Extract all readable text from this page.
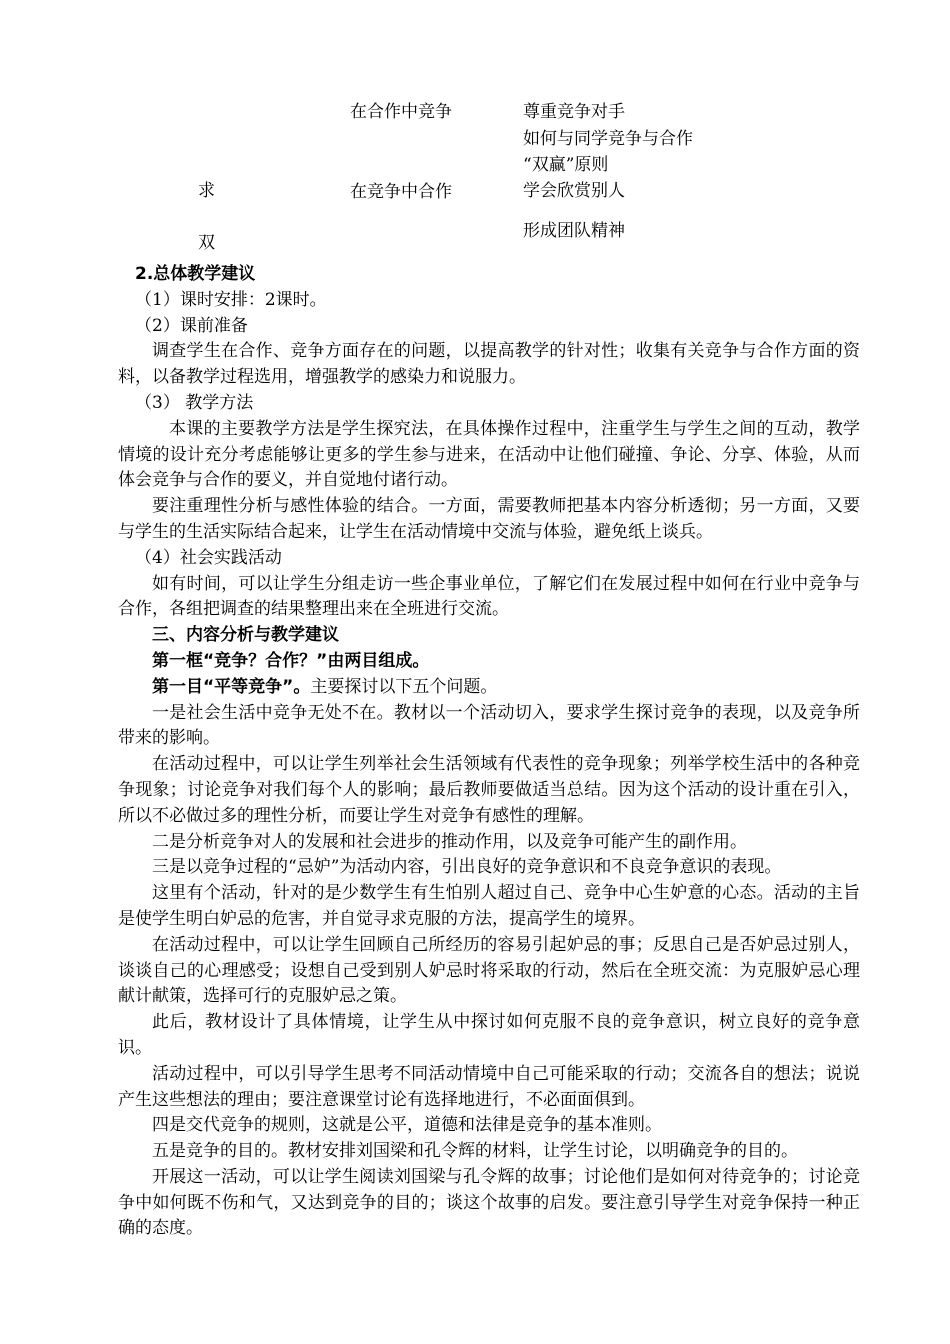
求
双
在合作中竞争
在竞争中合作
尊重竞争对手
如何与同学竞争与合作
“双赢”原则
学会欣赏别人
形成团队精神

2.总体教学建议

（1）课时安排：2课时。

（2）课前准备

调查学生在合作、竞争方面存在的问题，以提高教学的针对性；收集有关竞争与合作方面的资料，以备教学过程选用，增强教学的感染力和说服力。

（3） 教学方法

本课的主要教学方法是学生探究法，在具体操作过程中，注重学生与学生之间的互动，教学情境的设计充分考虑能够让更多的学生参与进来，在活动中让他们碰撞、争论、分享、体验，从而体会竞争与合作的要义，并自觉地付诸行动。

要注重理性分析与感性体验的结合。一方面，需要教师把基本内容分析透彻；另一方面，又要与学生的生活实际结合起来，让学生在活动情境中交流与体验，避免纸上谈兵。

（4）社会实践活动

如有时间，可以让学生分组走访一些企事业单位，了解它们在发展过程中如何在行业中竞争与合作，各组把调查的结果整理出来在全班进行交流。

三、内容分析与教学建议

第一框“竞争？合作？”由两目组成。

第一目“平等竞争”。主要探讨以下五个问题。

一是社会生活中竞争无处不在。教材以一个活动切入，要求学生探讨竞争的表现，以及竞争所带来的影响。

在活动过程中，可以让学生列举社会生活领域有代表性的竞争现象；列举学校生活中的各种竞争现象；讨论竞争对我们每个人的影响；最后教师要做适当总结。因为这个活动的设计重在引入，所以不必做过多的理性分析，而要让学生对竞争有感性的理解。

二是分析竞争对人的发展和社会进步的推动作用，以及竞争可能产生的副作用。

三是以竞争过程的“忌妒”为活动内容，引出良好的竞争意识和不良竞争意识的表现。

这里有个活动，针对的是少数学生有生怕别人超过自己、竞争中心生妒意的心态。活动的主旨是使学生明白妒忌的危害，并自觉寻求克服的方法，提高学生的境界。

在活动过程中，可以让学生回顾自己所经历的容易引起妒忌的事；反思自己是否妒忌过别人，谈谈自己的心理感受；设想自己受到别人妒忌时将采取的行动，然后在全班交流：为克服妒忌心理献计献策，选择可行的克服妒忌之策。

此后，教材设计了具体情境，让学生从中探讨如何克服不良的竞争意识，树立良好的竞争意识。

活动过程中，可以引导学生思考不同活动情境中自己可能采取的行动；交流各自的想法；说说产生这些想法的理由；要注意课堂讨论有选择地进行，不必面面俱到。

四是交代竞争的规则，这就是公平，道德和法律是竞争的基本准则。

五是竞争的目的。教材安排刘国梁和孔令辉的材料，让学生讨论，以明确竞争的目的。

开展这一活动，可以让学生阅读刘国梁与孔令辉的故事；讨论他们是如何对待竞争的；讨论竞争中如何既不伤和气，又达到竞争的目的；谈这个故事的启发。要注意引导学生对竞争保持一种正确的态度。
